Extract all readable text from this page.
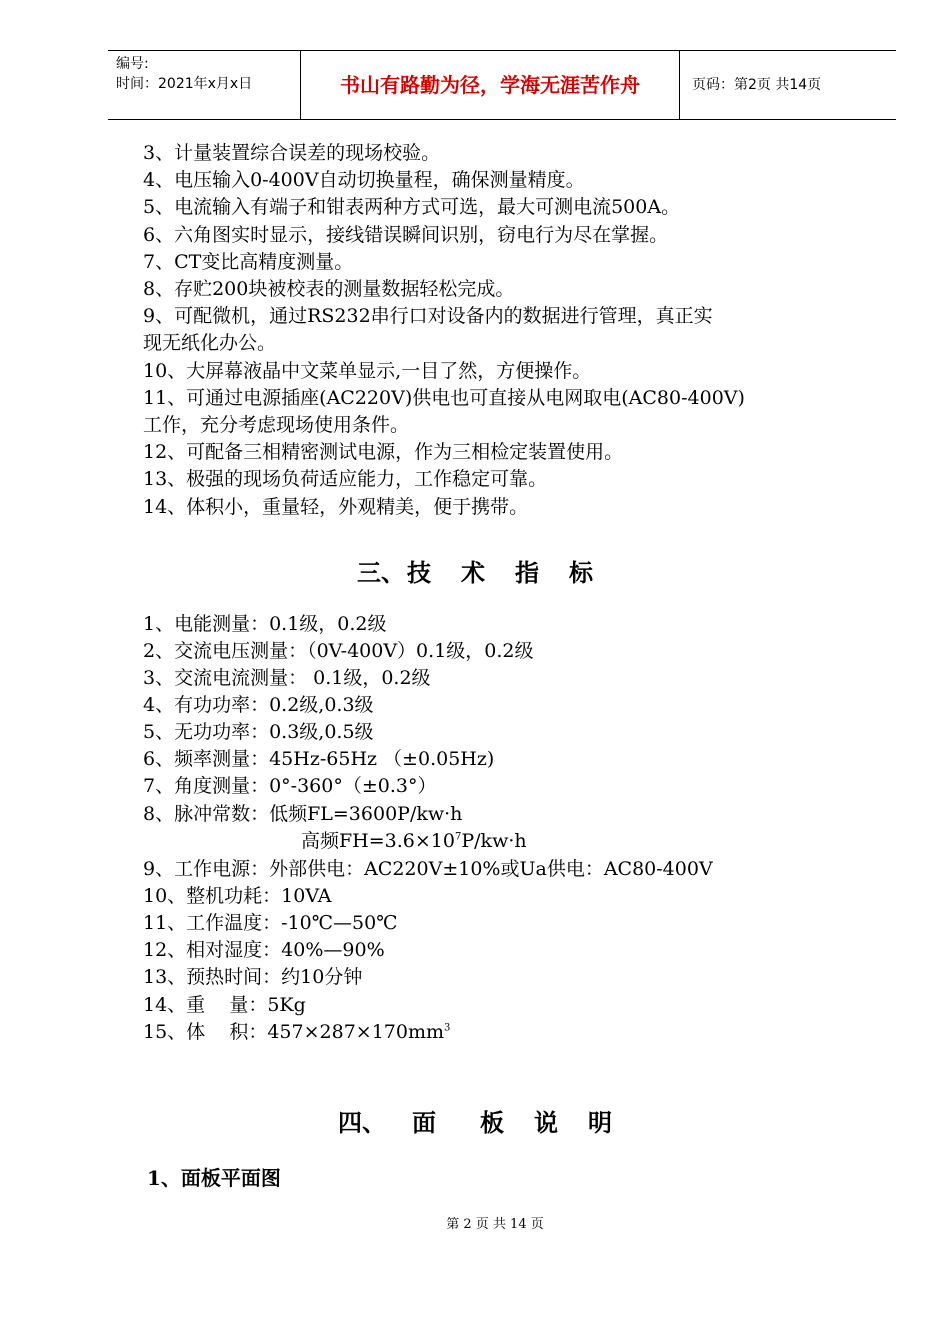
编号:
时间：2021年x月x日	书山有路勤为径，学海无涯苦作舟	页码：第2页 共14页
3、计量装置综合误差的现场校验。
4、电压输入0-400V自动切换量程，确保测量精度。
5、电流输入有端子和钳表两种方式可选，最大可测电流500A。
6、六角图实时显示，接线错误瞬间识别，窃电行为尽在掌握。
7、CT变比高精度测量。
8、存贮200块被校表的测量数据轻松完成。
9、可配微机，通过RS232串行口对设备内的数据进行管理，真正实
现无纸化办公。
10、大屏幕液晶中文菜单显示,一目了然，方便操作。
11、可通过电源插座(AC220V)供电也可直接从电网取电(AC80-400V)
工作，充分考虑现场使用条件。
12、可配备三相精密测试电源，作为三相检定装置使用。
13、极强的现场负荷适应能力，工作稳定可靠。
14、体积小，重量轻，外观精美，便于携带。
三、技 术 指 标
1、电能测量：0.1级，0.2级
2、交流电压测量：（0V-400V）0.1级，0.2级
3、交流电流测量： 0.1级，0.2级
4、有功功率：0.2级,0.3级
5、无功功率：0.3级,0.5级
6、频率测量：45Hz-65Hz （±0.05Hz)
7、角度测量：0°-360°（±0.3°）
8、脉冲常数：低频FL=3600P/kw·h
高频$FH=3.6\times 10^7P/kw\cdot h$
9、工作电源：外部供电：AC220V±10%或Ua供电：AC80-400V
10、整机功耗：10VA
11、工作温度：-10℃—50℃
12、相对湿度：40%—90%
13、预热时间：约10分钟
14、重    量：5Kg
15、体    积：$457\times 287\times 170mm^3$
四、 面 板 说 明
1、面板平面图
第 2 页 共 14 页
